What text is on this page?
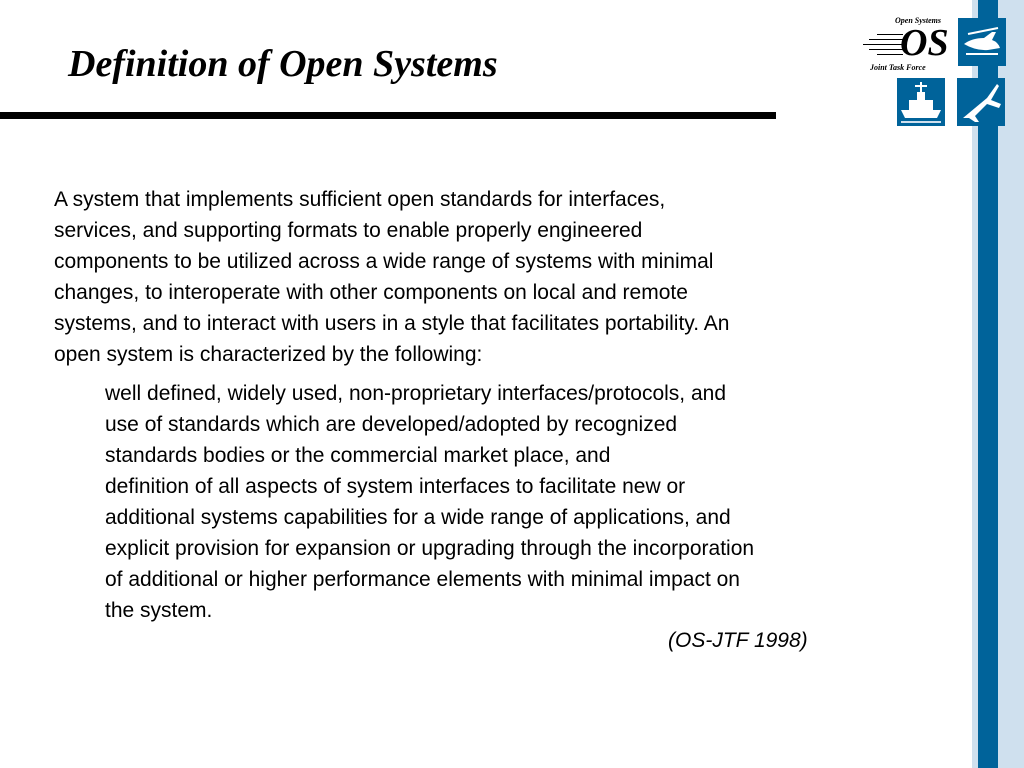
Definition of Open Systems
Open Systems
OS
Joint Task Force
A system that implements sufficient open standards for interfaces,
services, and supporting formats to enable properly engineered
components to be utilized across a wide range of systems with minimal
changes, to interoperate with other components on local and remote
systems, and to interact with users in a style that facilitates portability. An
open system is characterized by the following:
well defined, widely used, non-proprietary interfaces/protocols, and
use of standards which are developed/adopted by recognized
standards bodies or the commercial market place, and
definition of all aspects of system interfaces to facilitate new or
additional systems capabilities for a wide range of applications, and
explicit provision for expansion or upgrading through the incorporation
of additional or higher performance elements with minimal impact on
the system.
(OS-JTF 1998)
